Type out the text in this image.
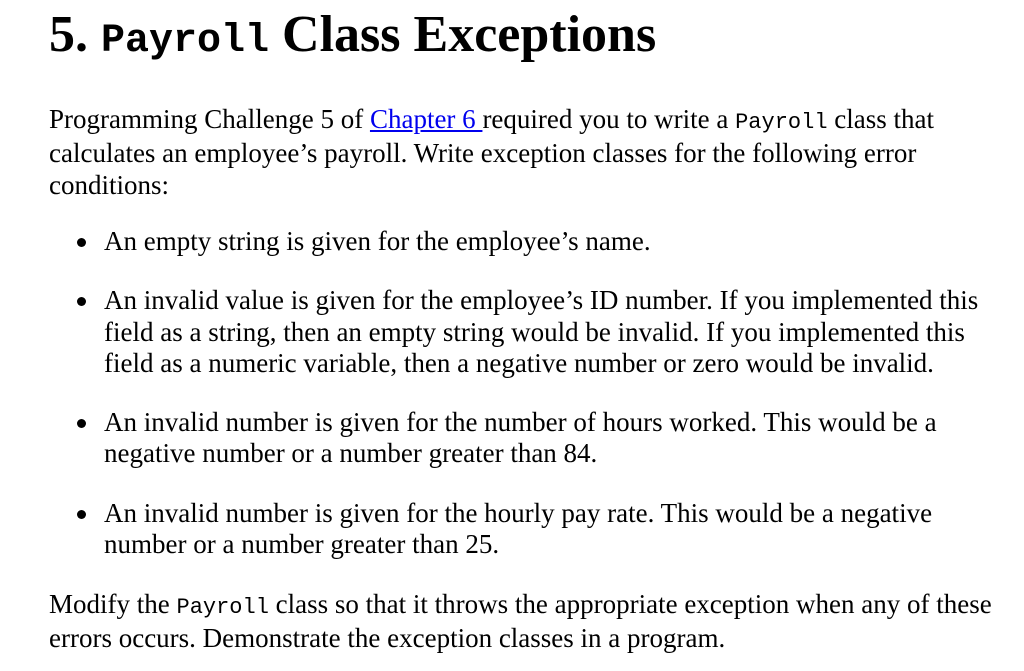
5. Payroll Class Exceptions

Programming Challenge 5 of Chapter 6 required you to write a Payroll class that calculates an employee’s payroll. Write exception classes for the following error conditions:

An empty string is given for the employee’s name.
An invalid value is given for the employee’s ID number. If you implemented this field as a string, then an empty string would be invalid. If you implemented this field as a numeric variable, then a negative number or zero would be invalid.
An invalid number is given for the number of hours worked. This would be a negative number or a number greater than 84.
An invalid number is given for the hourly pay rate. This would be a negative number or a number greater than 25.

Modify the Payroll class so that it throws the appropriate exception when any of these errors occurs. Demonstrate the exception classes in a program.
